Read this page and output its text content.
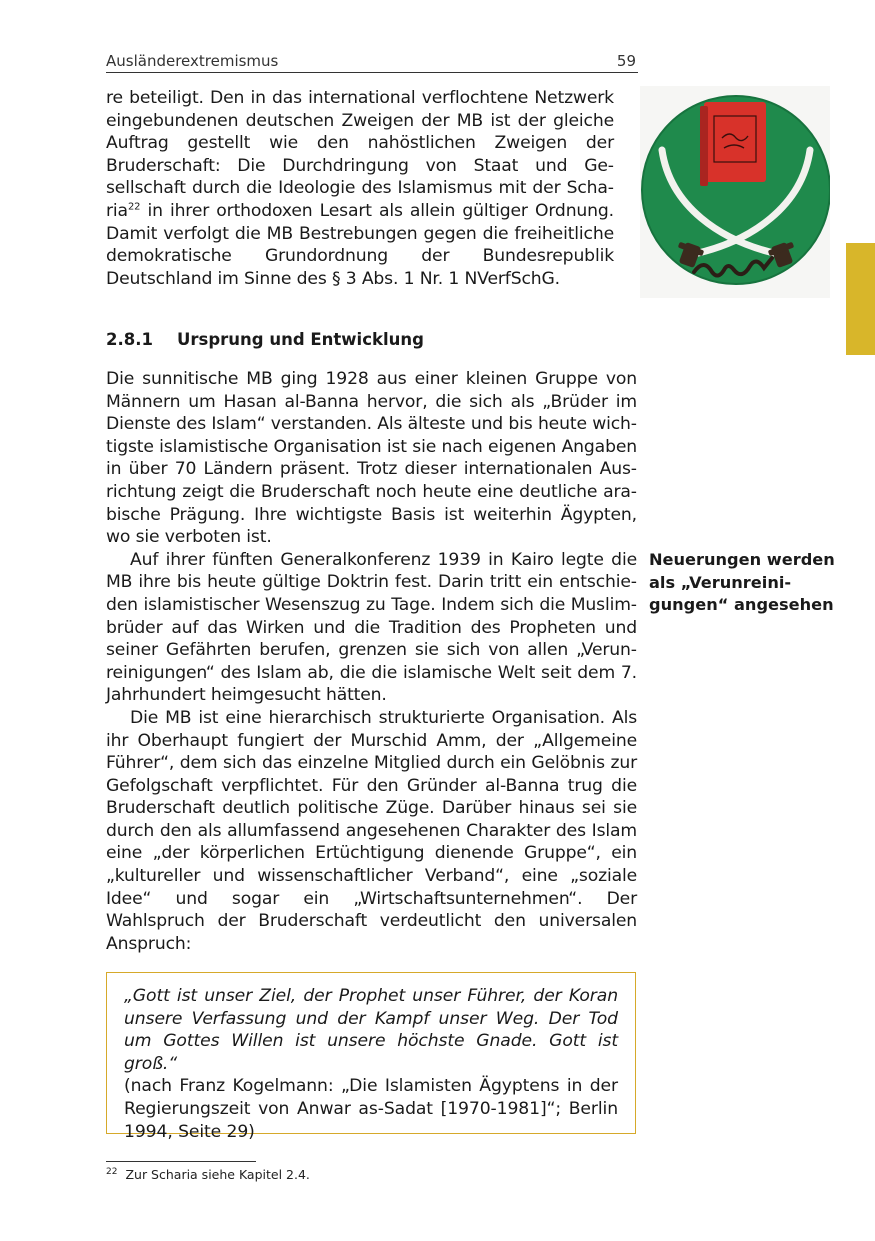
Ausländerextremismus	59
re beteiligt. Den in das international verflochtene Netzwerk eingebundenen deutschen Zweigen der MB ist der gleiche Auftrag gestellt wie den nahöstlichen Zweigen der Bruderschaft: Die Durchdringung von Staat und Gesellschaft durch die Ideologie des Islamismus mit der Scharia$^{22}$ in ihrer orthodoxen Lesart als allein gültiger Ordnung. Damit verfolgt die MB Bestrebungen gegen die freiheitliche demokratische Grundordnung der Bundesrepublik Deutschland im Sinne des § 3 Abs. 1 Nr. 1 NVerfSchG.
2.8.1 Ursprung und Entwicklung

Die sunnitische MB ging 1928 aus einer kleinen Gruppe von Männern um Hasan al-Banna hervor, die sich als „Brüder im Dienste des Islam“ verstanden. Als älteste und bis heute wichtigste islamistische Organisation ist sie nach eigenen Angaben in über 70 Ländern präsent. Trotz dieser internationalen Ausrichtung zeigt die Bruderschaft noch heute eine deutliche arabische Prägung. Ihre wichtigste Basis ist weiterhin Ägypten, wo sie verboten ist.

Auf ihrer fünften Generalkonferenz 1939 in Kairo legte die MB ihre bis heute gültige Doktrin fest. Darin tritt ein entschieden islamistischer Wesenszug zu Tage. Indem sich die Muslimbrüder auf das Wirken und die Tradition des Propheten und seiner Gefährten berufen, grenzen sie sich von allen „Verunreinigungen“ des Islam ab, die die islamische Welt seit dem 7. Jahrhundert heimgesucht hätten.

Die MB ist eine hierarchisch strukturierte Organisation. Als ihr Oberhaupt fungiert der Murschid Amm, der „Allgemeine Führer“, dem sich das einzelne Mitglied durch ein Gelöbnis zur Gefolgschaft verpflichtet. Für den Gründer al-Banna trug die Bruderschaft deutlich politische Züge. Darüber hinaus sei sie durch den als allumfassend angesehenen Charakter des Islam eine „der körperlichen Ertüchtigung dienende Gruppe“, ein „kultureller und wissenschaftlicher Verband“, eine „soziale Idee“ und sogar ein „Wirtschaftsunternehmen“. Der Wahlspruch der Bruderschaft verdeutlicht den universalen Anspruch:

Neuerungen werden als „Verunreinigungen“ angesehen

„Gott ist unser Ziel, der Prophet unser Führer, der Koran unsere Verfassung und der Kampf unser Weg. Der Tod um Gottes Willen ist unsere höchste Gnade. Gott ist groß.“

(nach Franz Kogelmann: „Die Islamisten Ägyptens in der Regierungszeit von Anwar as-Sadat [1970-1981]“; Berlin 1994, Seite 29)

$^{22}$ Zur Scharia siehe Kapitel 2.4.
